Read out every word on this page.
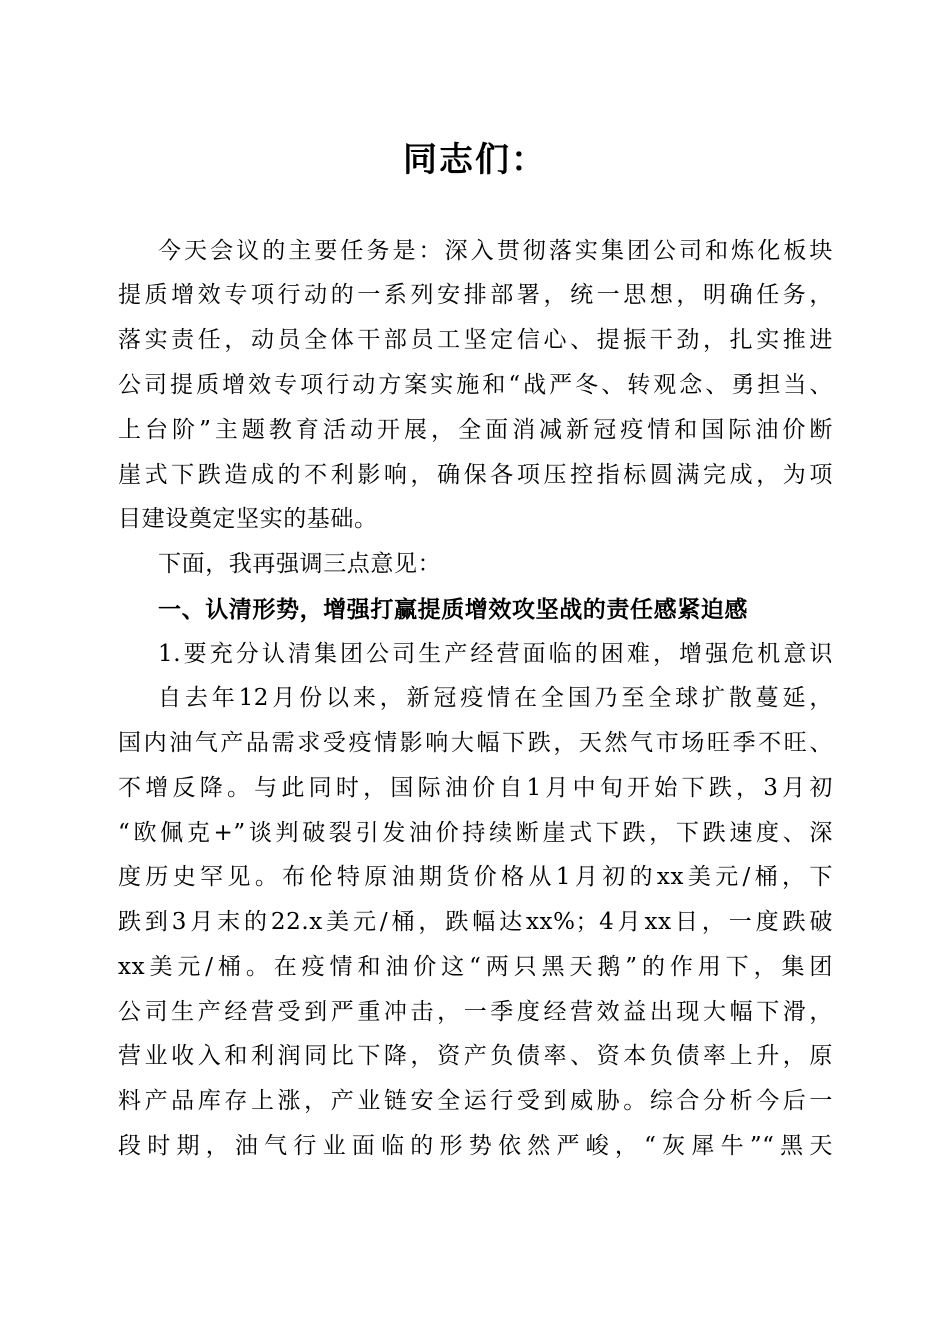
同志们：
今天会议的主要任务是：深入贯彻落实集团公司和炼化板块
提质增效专项行动的一系列安排部署，统一思想，明确任务，
落实责任，动员全体干部员工坚定信心、提振干劲，扎实推进
公司提质增效专项行动方案实施和“战严冬、转观念、勇担当、
上台阶”主题教育活动开展，全面消减新冠疫情和国际油价断
崖式下跌造成的不利影响，确保各项压控指标圆满完成，为项
目建设奠定坚实的基础。
下面，我再强调三点意见：
一、认清形势，增强打赢提质增效攻坚战的责任感紧迫感
1.要充分认清集团公司生产经营面临的困难，增强危机意识
自去年12月份以来，新冠疫情在全国乃至全球扩散蔓延，
国内油气产品需求受疫情影响大幅下跌，天然气市场旺季不旺、
不增反降。与此同时，国际油价自1月中旬开始下跌，3月初
“欧佩克+”谈判破裂引发油价持续断崖式下跌，下跌速度、深
度历史罕见。布伦特原油期货价格从1月初的xx美元/桶，下
跌到3月末的22.x美元/桶，跌幅达xx%；4月xx日，一度跌破
xx美元/桶。在疫情和油价这“两只黑天鹅”的作用下，集团
公司生产经营受到严重冲击，一季度经营效益出现大幅下滑，
营业收入和利润同比下降，资产负债率、资本负债率上升，原
料产品库存上涨，产业链安全运行受到威胁。综合分析今后一
段时期，油气行业面临的形势依然严峻，“灰犀牛”“黑天
